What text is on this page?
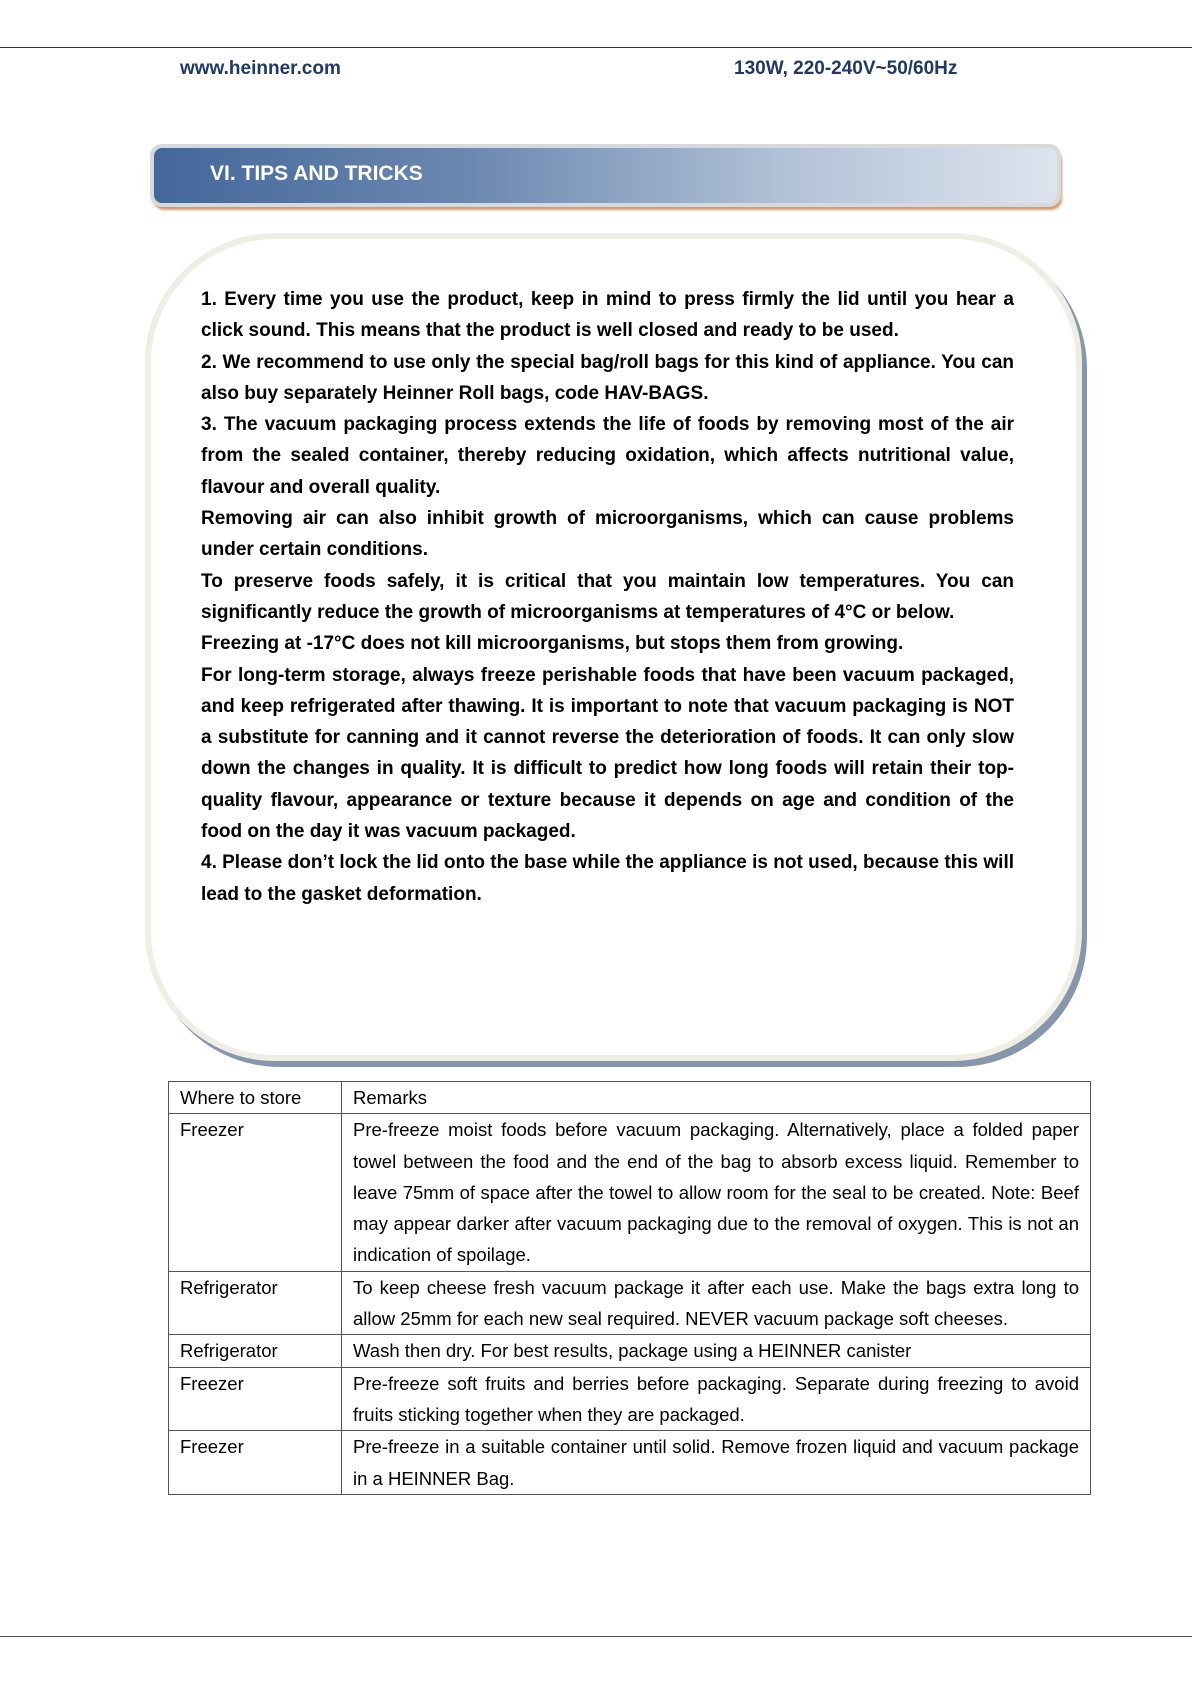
www.heinner.com	130W, 220-240V~50/60Hz
VI. TIPS AND TRICKS

1. Every time you use the product, keep in mind to press firmly the lid until you hear a click sound. This means that the product is well closed and ready to be used.

2. We recommend to use only the special bag/roll bags for this kind of appliance. You can also buy separately Heinner Roll bags, code HAV-BAGS.

3. The vacuum packaging process extends the life of foods by removing most of the air from the sealed container, thereby reducing oxidation, which affects nutritional value, flavour and overall quality.

Removing air can also inhibit growth of microorganisms, which can cause problems under certain conditions.

To preserve foods safely, it is critical that you maintain low temperatures. You can significantly reduce the growth of microorganisms at temperatures of 4°C or below.

Freezing at -17°C does not kill microorganisms, but stops them from growing.

For long-term storage, always freeze perishable foods that have been vacuum packaged, and keep refrigerated after thawing. It is important to note that vacuum packaging is NOT a substitute for canning and it cannot reverse the deterioration of foods. It can only slow down the changes in quality. It is difficult to predict how long foods will retain their top-quality flavour, appearance or texture because it depends on age and condition of the food on the day it was vacuum packaged.

4. Please don’t lock the lid onto the base while the appliance is not used, because this will lead to the gasket deformation.

Where to store	Remarks
Freezer	Pre-freeze moist foods before vacuum packaging. Alternatively, place a folded paper towel between the food and the end of the bag to absorb excess liquid. Remember to leave 75mm of space after the towel to allow room for the seal to be created. Note: Beef may appear darker after vacuum packaging due to the removal of oxygen. This is not an indication of spoilage.
Refrigerator	To keep cheese fresh vacuum package it after each use. Make the bags extra long to allow 25mm for each new seal required. NEVER vacuum package soft cheeses.
Refrigerator	Wash then dry. For best results, package using a HEINNER canister
Freezer	Pre-freeze soft fruits and berries before packaging. Separate during freezing to avoid fruits sticking together when they are packaged.
Freezer	Pre-freeze in a suitable container until solid. Remove frozen liquid and vacuum package in a HEINNER Bag.
